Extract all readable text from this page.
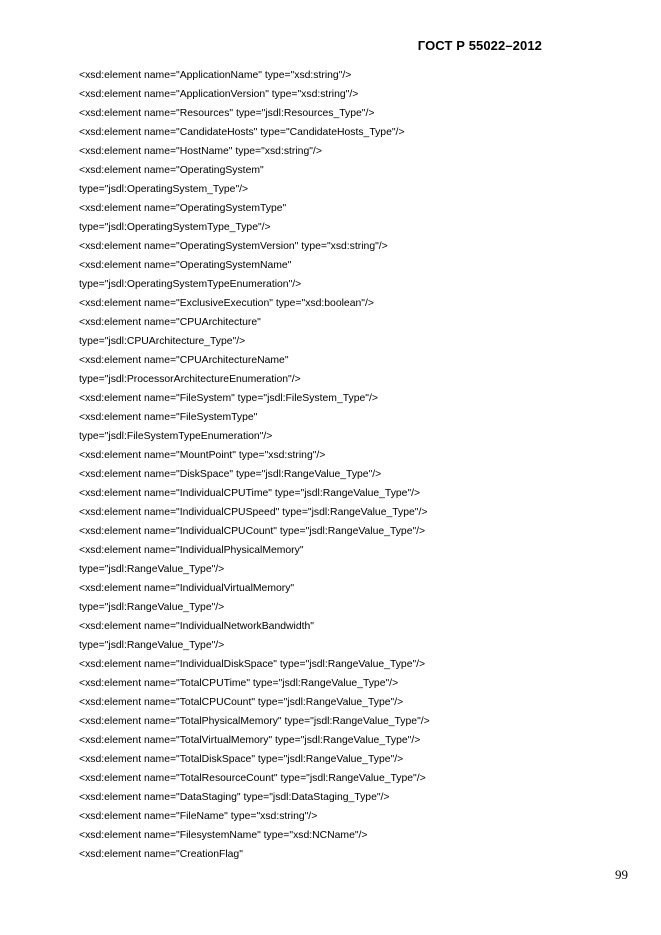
ГОСТ Р 55022–2012
<xsd:element name="ApplicationName" type="xsd:string"/>
<xsd:element name="ApplicationVersion" type="xsd:string"/>
<xsd:element name="Resources" type="jsdl:Resources_Type"/>
<xsd:element name="CandidateHosts" type="CandidateHosts_Type"/>
<xsd:element name="HostName" type="xsd:string"/>
<xsd:element name="OperatingSystem"
type="jsdl:OperatingSystem_Type"/>
<xsd:element name="OperatingSystemType"
type="jsdl:OperatingSystemType_Type"/>
<xsd:element name="OperatingSystemVersion" type="xsd:string"/>
<xsd:element name="OperatingSystemName"
type="jsdl:OperatingSystemTypeEnumeration"/>
<xsd:element name="ExclusiveExecution" type="xsd:boolean"/>
<xsd:element name="CPUArchitecture"
type="jsdl:CPUArchitecture_Type"/>
<xsd:element name="CPUArchitectureName"
type="jsdl:ProcessorArchitectureEnumeration"/>
<xsd:element name="FileSystem" type="jsdl:FileSystem_Type"/>
<xsd:element name="FileSystemType"
type="jsdl:FileSystemTypeEnumeration"/>
<xsd:element name="MountPoint" type="xsd:string"/>
<xsd:element name="DiskSpace" type="jsdl:RangeValue_Type"/>
<xsd:element name="IndividualCPUTime" type="jsdl:RangeValue_Type"/>
<xsd:element name="IndividualCPUSpeed" type="jsdl:RangeValue_Type"/>
<xsd:element name="IndividualCPUCount" type="jsdl:RangeValue_Type"/>
<xsd:element name="IndividualPhysicalMemory"
type="jsdl:RangeValue_Type"/>
<xsd:element name="IndividualVirtualMemory"
type="jsdl:RangeValue_Type"/>
<xsd:element name="IndividualNetworkBandwidth"
type="jsdl:RangeValue_Type"/>
<xsd:element name="IndividualDiskSpace" type="jsdl:RangeValue_Type"/>
<xsd:element name="TotalCPUTime" type="jsdl:RangeValue_Type"/>
<xsd:element name="TotalCPUCount" type="jsdl:RangeValue_Type"/>
<xsd:element name="TotalPhysicalMemory" type="jsdl:RangeValue_Type"/>
<xsd:element name="TotalVirtualMemory" type="jsdl:RangeValue_Type"/>
<xsd:element name="TotalDiskSpace" type="jsdl:RangeValue_Type"/>
<xsd:element name="TotalResourceCount" type="jsdl:RangeValue_Type"/>
<xsd:element name="DataStaging" type="jsdl:DataStaging_Type"/>
<xsd:element name="FileName" type="xsd:string"/>
<xsd:element name="FilesystemName" type="xsd:NCName"/>
<xsd:element name="CreationFlag"
99
